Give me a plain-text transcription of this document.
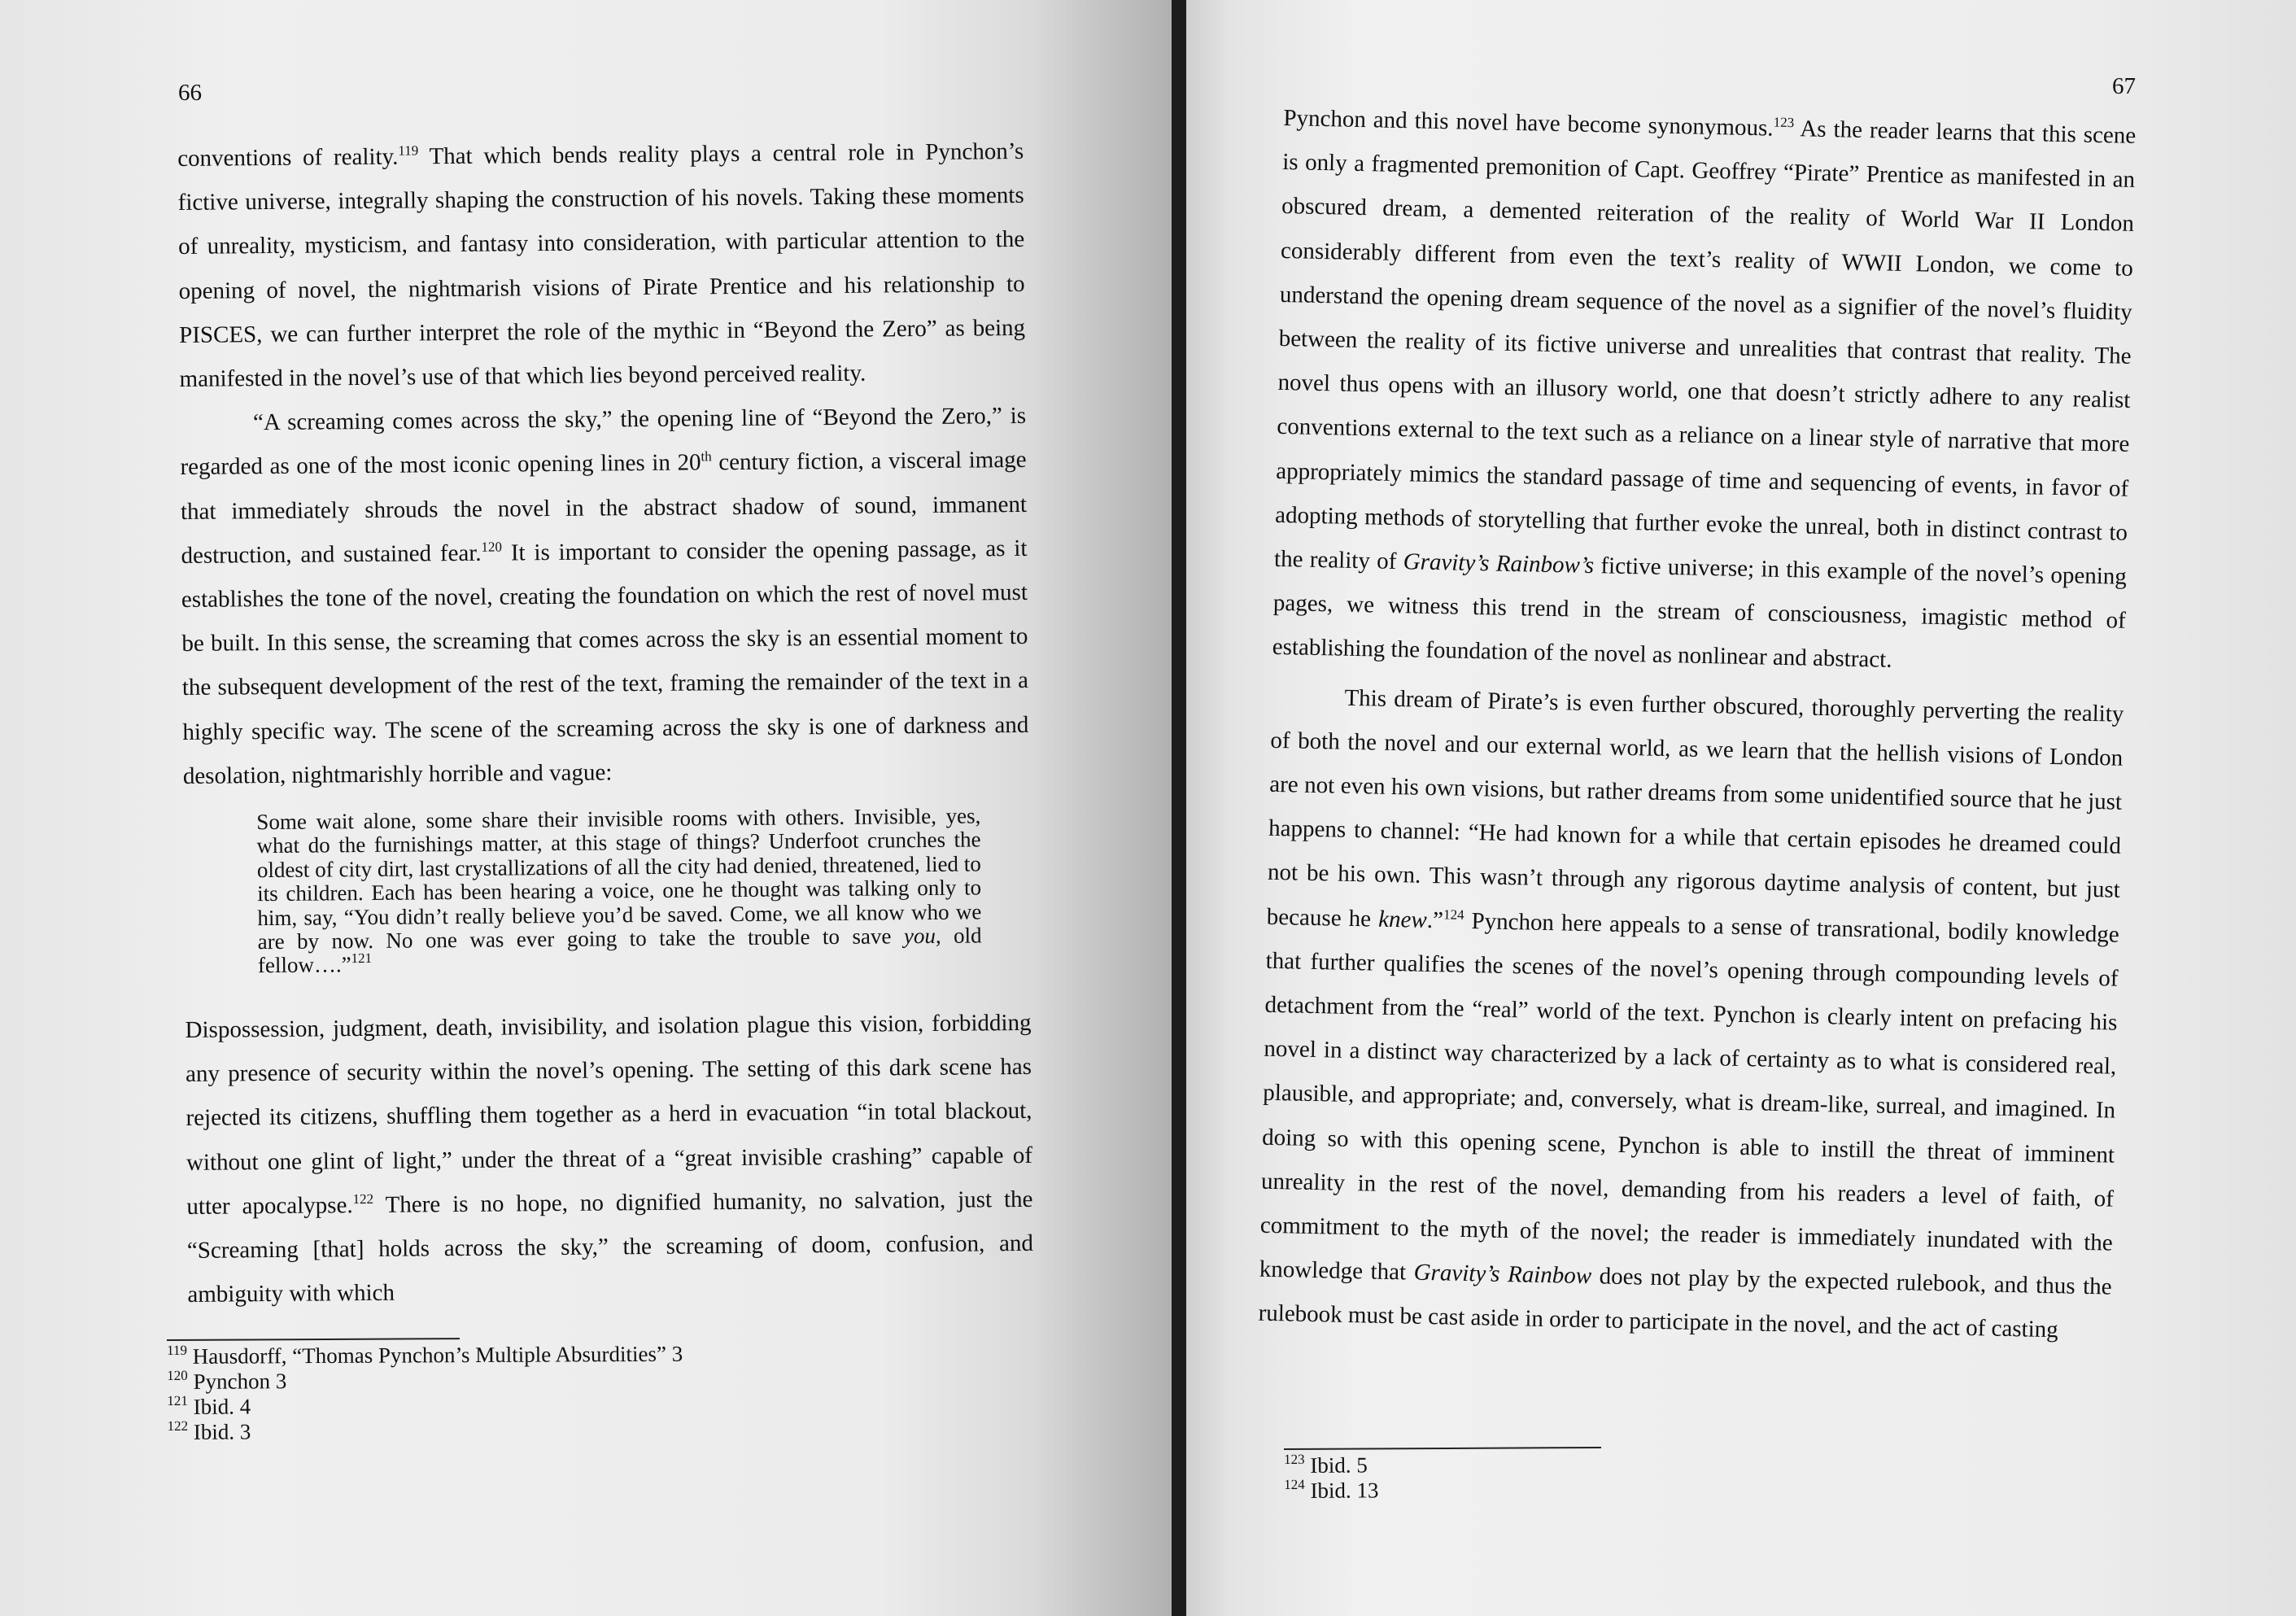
66

conventions of reality.$^{119}$ That which bends reality plays a central role in Pynchon’s fictive universe, integrally shaping the construction of his novels. Taking these moments of unreality, mysticism, and fantasy into consideration, with particular attention to the opening of novel, the nightmarish visions of Pirate Prentice and his relationship to PISCES, we can further interpret the role of the mythic in “Beyond the Zero” as being manifested in the novel’s use of that which lies beyond perceived reality.

“A screaming comes across the sky,” the opening line of “Beyond the Zero,” is regarded as one of the most iconic opening lines in 20th century fiction, a visceral image that immediately shrouds the novel in the abstract shadow of sound, immanent destruction, and sustained fear.$^{120}$ It is important to consider the opening passage, as it establishes the tone of the novel, creating the foundation on which the rest of novel must be built. In this sense, the screaming that comes across the sky is an essential moment to the subsequent development of the rest of the text, framing the remainder of the text in a highly specific way. The scene of the screaming across the sky is one of darkness and desolation, nightmarishly horrible and vague:

Some wait alone, some share their invisible rooms with others. Invisible, yes, what do the furnishings matter, at this stage of things? Underfoot crunches the oldest of city dirt, last crystallizations of all the city had denied, threatened, lied to its children. Each has been hearing a voice, one he thought was talking only to him, say, “You didn’t really believe you’d be saved. Come, we all know who we are by now. No one was ever going to take the trouble to save you, old fellow….”$^{121}$

Dispossession, judgment, death, invisibility, and isolation plague this vision, forbidding any presence of security within the novel’s opening. The setting of this dark scene has rejected its citizens, shuffling them together as a herd in evacuation “in total blackout, without one glint of light,” under the threat of a “great invisible crashing” capable of utter apocalypse.$^{122}$ There is no hope, no dignified humanity, no salvation, just the “Screaming [that] holds across the sky,” the screaming of doom, confusion, and ambiguity with which

$^{119}$ Hausdorff, “Thomas Pynchon’s Multiple Absurdities” 3

$^{120}$ Pynchon 3

$^{121}$ Ibid. 4

$^{122}$ Ibid. 3

67

Pynchon and this novel have become synonymous.$^{123}$ As the reader learns that this scene is only a fragmented premonition of Capt. Geoffrey “Pirate” Prentice as manifested in an obscured dream, a demented reiteration of the reality of World War II London considerably different from even the text’s reality of WWII London, we come to understand the opening dream sequence of the novel as a signifier of the novel’s fluidity between the reality of its fictive universe and unrealities that contrast that reality. The novel thus opens with an illusory world, one that doesn’t strictly adhere to any realist conventions external to the text such as a reliance on a linear style of narrative that more appropriately mimics the standard passage of time and sequencing of events, in favor of adopting methods of storytelling that further evoke the unreal, both in distinct contrast to the reality of Gravity’s Rainbow’s fictive universe; in this example of the novel’s opening pages, we witness this trend in the stream of consciousness, imagistic method of establishing the foundation of the novel as nonlinear and abstract.

This dream of Pirate’s is even further obscured, thoroughly perverting the reality of both the novel and our external world, as we learn that the hellish visions of London are not even his own visions, but rather dreams from some unidentified source that he just happens to channel: “He had known for a while that certain episodes he dreamed could not be his own. This wasn’t through any rigorous daytime analysis of content, but just because he knew.”$^{124}$ Pynchon here appeals to a sense of transrational, bodily knowledge that further qualifies the scenes of the novel’s opening through compounding levels of detachment from the “real” world of the text. Pynchon is clearly intent on prefacing his novel in a distinct way characterized by a lack of certainty as to what is considered real, plausible, and appropriate; and, conversely, what is dream-like, surreal, and imagined. In doing so with this opening scene, Pynchon is able to instill the threat of imminent unreality in the rest of the novel, demanding from his readers a level of faith, of commitment to the myth of the novel; the reader is immediately inundated with the knowledge that Gravity’s Rainbow does not play by the expected rulebook, and thus the rulebook must be cast aside in order to participate in the novel, and the act of casting

$^{123}$ Ibid. 5

$^{124}$ Ibid. 13
